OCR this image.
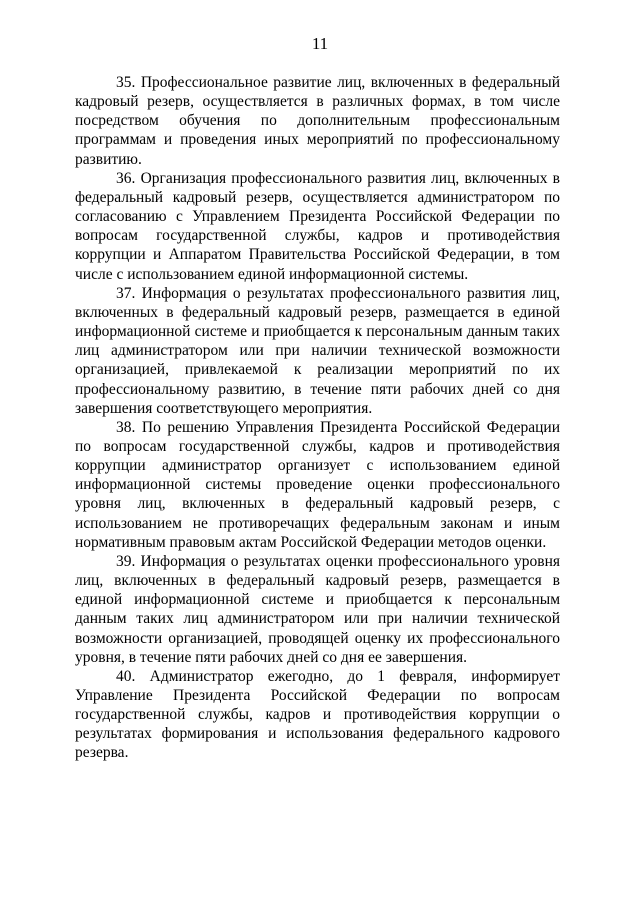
11

35. Профессиональное развитие лиц, включенных в федеральный кадровый резерв, осуществляется в различных формах, в том числе посредством обучения по дополнительным профессиональным программам и проведения иных мероприятий по профессиональному развитию.

36. Организация профессионального развития лиц, включенных в федеральный кадровый резерв, осуществляется администратором по согласованию с Управлением Президента Российской Федерации по вопросам государственной службы, кадров и противодействия коррупции и Аппаратом Правительства Российской Федерации, в том числе с использованием единой информационной системы.

37. Информация о результатах профессионального развития лиц, включенных в федеральный кадровый резерв, размещается в единой информационной системе и приобщается к персональным данным таких лиц администратором или при наличии технической возможности организацией, привлекаемой к реализации мероприятий по их профессиональному развитию, в течение пяти рабочих дней со дня завершения соответствующего мероприятия.

38. По решению Управления Президента Российской Федерации по вопросам государственной службы, кадров и противодействия коррупции администратор организует с использованием единой информационной системы проведение оценки профессионального уровня лиц, включенных в федеральный кадровый резерв, с использованием не противоречащих федеральным законам и иным нормативным правовым актам Российской Федерации методов оценки.

39. Информация о результатах оценки профессионального уровня лиц, включенных в федеральный кадровый резерв, размещается в единой информационной системе и приобщается к персональным данным таких лиц администратором или при наличии технической возможности организацией, проводящей оценку их профессионального уровня, в течение пяти рабочих дней со дня ее завершения.

40. Администратор ежегодно, до 1 февраля, информирует Управление Президента Российской Федерации по вопросам государственной службы, кадров и противодействия коррупции о результатах формирования и использования федерального кадрового резерва.
